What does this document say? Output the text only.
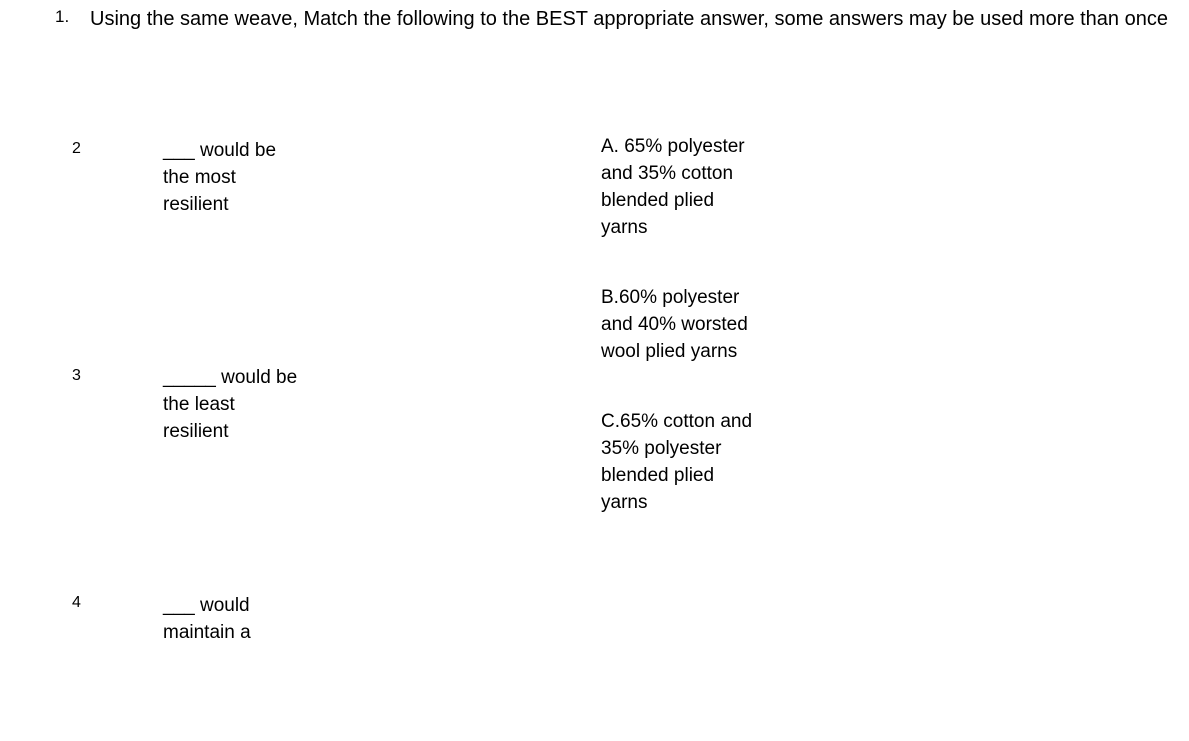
1. Using the same weave, Match the following to the BEST appropriate answer, some answers may be used more than once
2	___ would be
the most
resilient
3	_____ would be
the least
resilient
4	___ would
maintain a
A. 65% polyester
and 35% cotton
blended plied
yarns
B.60% polyester
and 40% worsted
wool plied yarns
C.65% cotton and
35% polyester
blended plied
yarns
